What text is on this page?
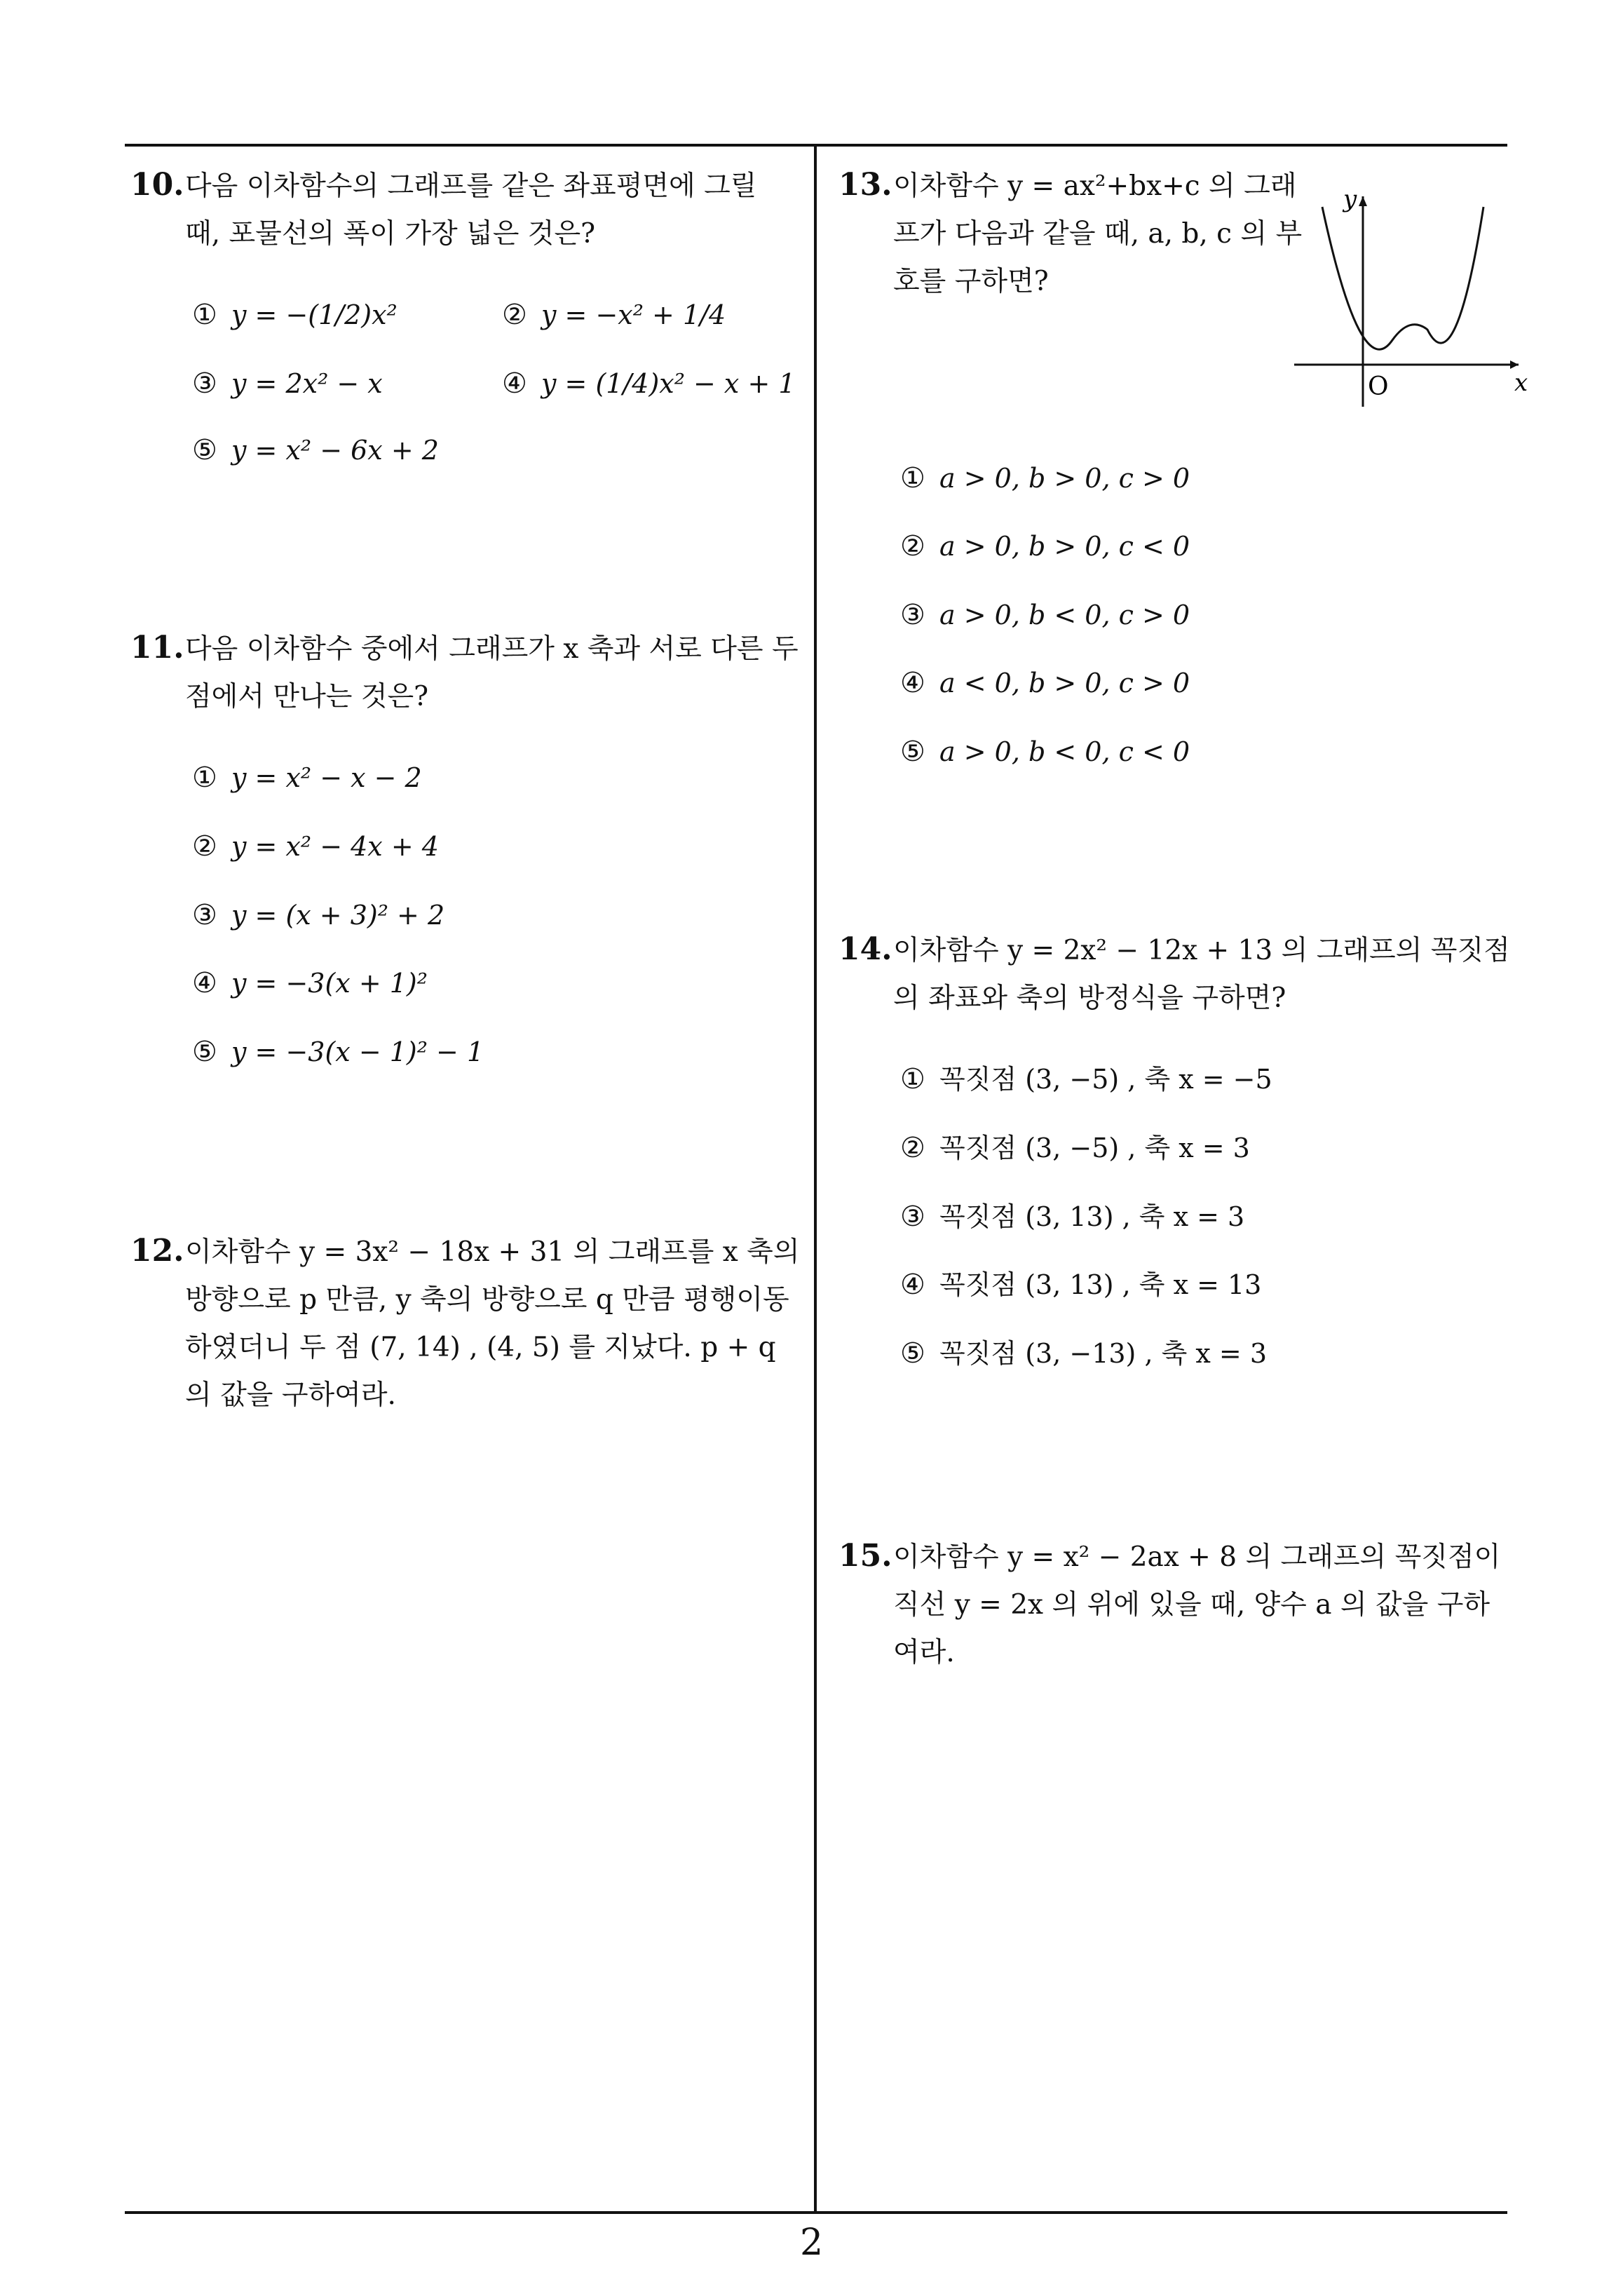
2
10.다음 이차함수의 그래프를 같은 좌표평면에 그릴 때, 포물선의 폭이 가장 넓은 것은?
① y = −(1/2)x²	② y = −x² + 1/4
③ y = 2x² − x	④ y = (1/4)x² − x + 1
⑤ y = x² − 6x + 2
11.다음 이차함수 중에서 그래프가 x 축과 서로 다른 두 점에서 만나는 것은?
① y = x² − x − 2
② y = x² − 4x + 4
③ y = (x + 3)² + 2
④ y = −3(x + 1)²
⑤ y = −3(x − 1)² − 1
12.이차함수 y = 3x² − 18x + 31 의 그래프를 x 축의 방향으로 p 만큼, y 축의 방향으로 q 만큼 평행이동하였더니 두 점 (7, 14) , (4, 5) 를 지났다. p + q 의 값을 구하여라.
13.이차함수 y = ax²+bx+c 의 그래프가 다음과 같을 때, a, b, c 의 부호를 구하면?
x
y
O
① a > 0, b > 0, c > 0
② a > 0, b > 0, c < 0
③ a > 0, b < 0, c > 0
④ a < 0, b > 0, c > 0
⑤ a > 0, b < 0, c < 0
14.이차함수 y = 2x² − 12x + 13 의 그래프의 꼭짓점의 좌표와 축의 방정식을 구하면?
① 꼭짓점 (3, −5) , 축 x = −5
② 꼭짓점 (3, −5) , 축 x = 3
③ 꼭짓점 (3, 13) , 축 x = 3
④ 꼭짓점 (3, 13) , 축 x = 13
⑤ 꼭짓점 (3, −13) , 축 x = 3
15.이차함수 y = x² − 2ax + 8 의 그래프의 꼭짓점이 직선 y = 2x 의 위에 있을 때, 양수 a 의 값을 구하여라.
